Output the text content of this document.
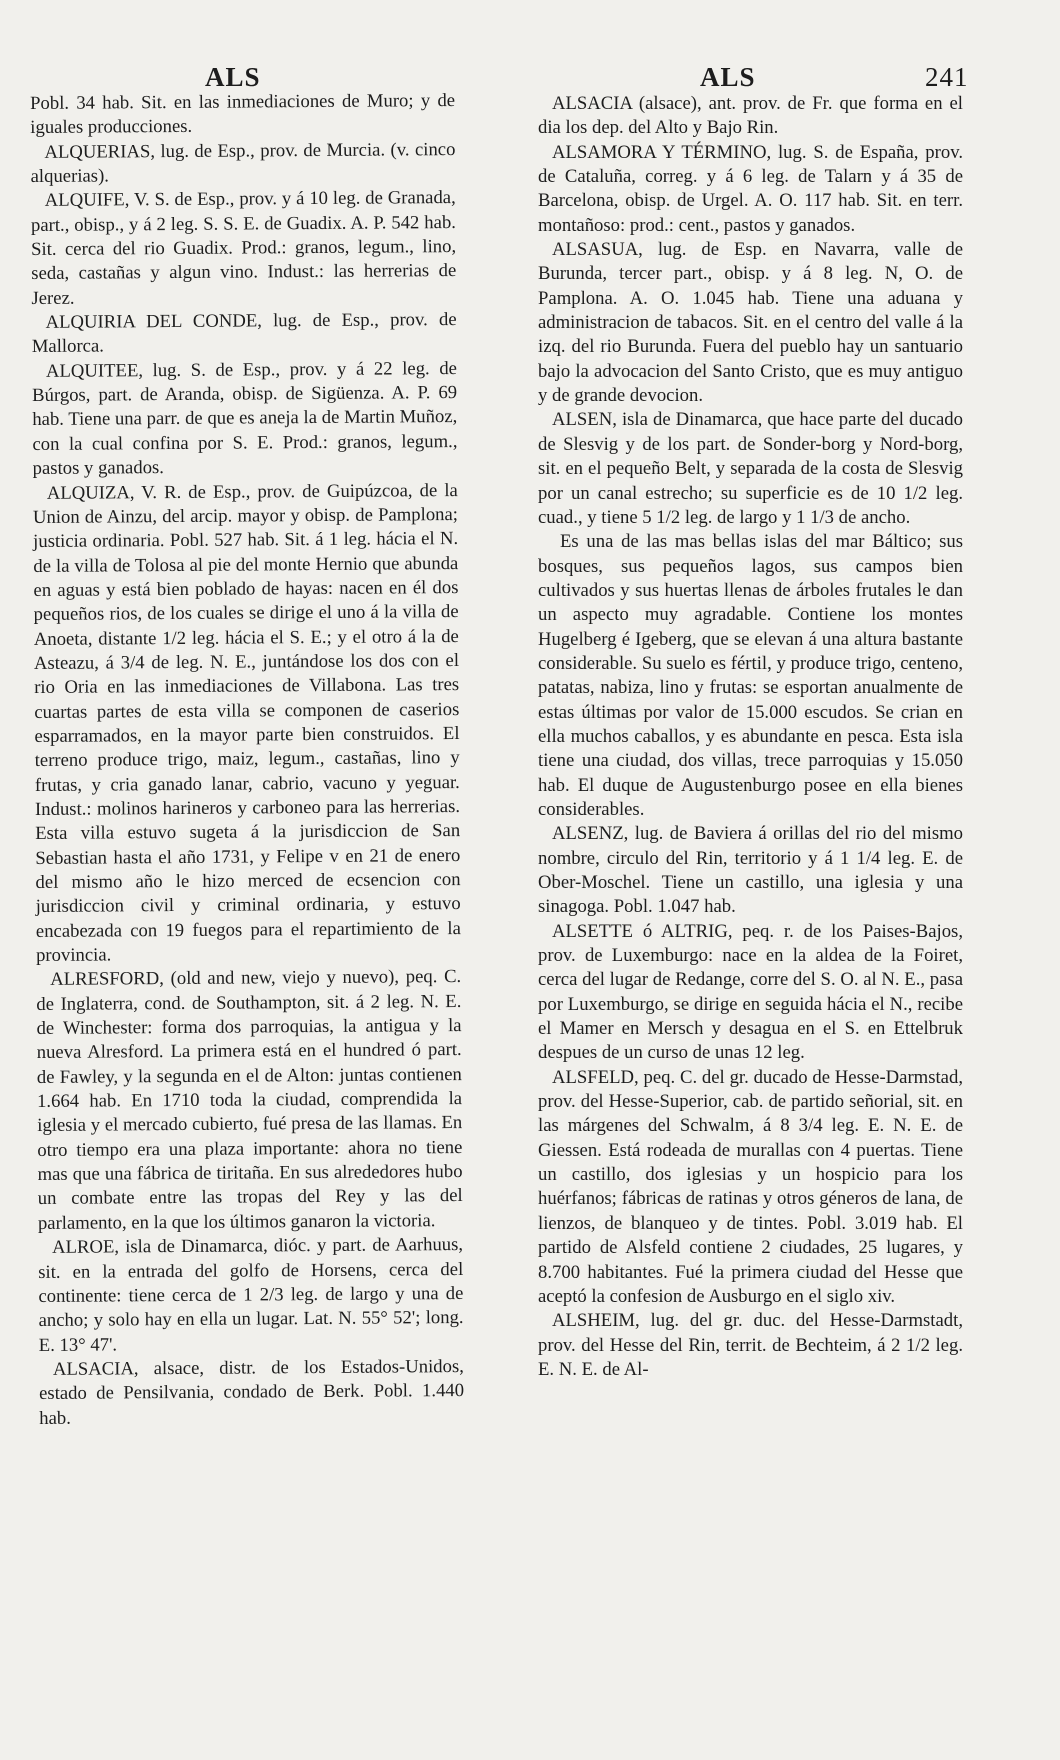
ALS	ALS	241

Pobl. 34 hab. Sit. en las inmediaciones de Muro; y de iguales producciones.

ALQUERIAS, lug. de Esp., prov. de Murcia. (v. cinco alquerias).

ALQUIFE, V. S. de Esp., prov. y á 10 leg. de Granada, part., obisp., y á 2 leg. S. S. E. de Guadix. A. P. 542 hab. Sit. cerca del rio Guadix. Prod.: granos, legum., lino, seda, castañas y algun vino. Indust.: las herrerias de Jerez.

ALQUIRIA DEL CONDE, lug. de Esp., prov. de Mallorca.

ALQUITEE, lug. S. de Esp., prov. y á 22 leg. de Búrgos, part. de Aranda, obisp. de Sigüenza. A. P. 69 hab. Tiene una parr. de que es aneja la de Martin Muñoz, con la cual confina por S. E. Prod.: granos, legum., pastos y ganados.

ALQUIZA, V. R. de Esp., prov. de Guipúzcoa, de la Union de Ainzu, del arcip. mayor y obisp. de Pamplona; justicia ordinaria. Pobl. 527 hab. Sit. á 1 leg. hácia el N. de la villa de Tolosa al pie del monte Hernio que abunda en aguas y está bien poblado de hayas: nacen en él dos pequeños rios, de los cuales se dirige el uno á la villa de Anoeta, distante 1/2 leg. hácia el S. E.; y el otro á la de Asteazu, á 3/4 de leg. N. E., juntándose los dos con el rio Oria en las inmediaciones de Villabona. Las tres cuartas partes de esta villa se componen de caserios esparramados, en la mayor parte bien construidos. El terreno produce trigo, maiz, legum., castañas, lino y frutas, y cria ganado lanar, cabrio, vacuno y yeguar. Indust.: molinos harineros y carboneo para las herrerias. Esta villa estuvo sugeta á la jurisdiccion de San Sebastian hasta el año 1731, y Felipe v en 21 de enero del mismo año le hizo merced de ecsencion con jurisdiccion civil y criminal ordinaria, y estuvo encabezada con 19 fuegos para el repartimiento de la provincia.

ALRESFORD, (old and new, viejo y nuevo), peq. C. de Inglaterra, cond. de Southampton, sit. á 2 leg. N. E. de Winchester: forma dos parroquias, la antigua y la nueva Alresford. La primera está en el hundred ó part. de Fawley, y la segunda en el de Alton: juntas contienen 1.664 hab. En 1710 toda la ciudad, comprendida la iglesia y el mercado cubierto, fué presa de las llamas. En otro tiempo era una plaza importante: ahora no tiene mas que una fábrica de tiritaña. En sus alrededores hubo un combate entre las tropas del Rey y las del parlamento, en la que los últimos ganaron la victoria.

ALROE, isla de Dinamarca, dióc. y part. de Aarhuus, sit. en la entrada del golfo de Horsens, cerca del continente: tiene cerca de 1 2/3 leg. de largo y una de ancho; y solo hay en ella un lugar. Lat. N. 55° 52'; long. E. 13° 47'.

ALSACIA, alsace, distr. de los Estados-Unidos, estado de Pensilvania, condado de Berk. Pobl. 1.440 hab.

ALSACIA (alsace), ant. prov. de Fr. que forma en el dia los dep. del Alto y Bajo Rin.

ALSAMORA Y TÉRMINO, lug. S. de España, prov. de Cataluña, correg. y á 6 leg. de Talarn y á 35 de Barcelona, obisp. de Urgel. A. O. 117 hab. Sit. en terr. montañoso: prod.: cent., pastos y ganados.

ALSASUA, lug. de Esp. en Navarra, valle de Burunda, tercer part., obisp. y á 8 leg. N, O. de Pamplona. A. O. 1.045 hab. Tiene una aduana y administracion de tabacos. Sit. en el centro del valle á la izq. del rio Burunda. Fuera del pueblo hay un santuario bajo la advocacion del Santo Cristo, que es muy antiguo y de grande devocion.

ALSEN, isla de Dinamarca, que hace parte del ducado de Slesvig y de los part. de Sonder-borg y Nord-borg, sit. en el pequeño Belt, y separada de la costa de Slesvig por un canal estrecho; su superficie es de 10 1/2 leg. cuad., y tiene 5 1/2 leg. de largo y 1 1/3 de ancho.

Es una de las mas bellas islas del mar Báltico; sus bosques, sus pequeños lagos, sus campos bien cultivados y sus huertas llenas de árboles frutales le dan un aspecto muy agradable. Contiene los montes Hugelberg é Igeberg, que se elevan á una altura bastante considerable. Su suelo es fértil, y produce trigo, centeno, patatas, nabiza, lino y frutas: se esportan anualmente de estas últimas por valor de 15.000 escudos. Se crian en ella muchos caballos, y es abundante en pesca. Esta isla tiene una ciudad, dos villas, trece parroquias y 15.050 hab. El duque de Augustenburgo posee en ella bienes considerables.

ALSENZ, lug. de Baviera á orillas del rio del mismo nombre, circulo del Rin, territorio y á 1 1/4 leg. E. de Ober-Moschel. Tiene un castillo, una iglesia y una sinagoga. Pobl. 1.047 hab.

ALSETTE ó ALTRIG, peq. r. de los Paises-Bajos, prov. de Luxemburgo: nace en la aldea de la Foiret, cerca del lugar de Redange, corre del S. O. al N. E., pasa por Luxemburgo, se dirige en seguida hácia el N., recibe el Mamer en Mersch y desagua en el S. en Ettelbruk despues de un curso de unas 12 leg.

ALSFELD, peq. C. del gr. ducado de Hesse-Darmstad, prov. del Hesse-Superior, cab. de partido señorial, sit. en las márgenes del Schwalm, á 8 3/4 leg. E. N. E. de Giessen. Está rodeada de murallas con 4 puertas. Tiene un castillo, dos iglesias y un hospicio para los huérfanos; fábricas de ratinas y otros géneros de lana, de lienzos, de blanqueo y de tintes. Pobl. 3.019 hab. El partido de Alsfeld contiene 2 ciudades, 25 lugares, y 8.700 habitantes. Fué la primera ciudad del Hesse que aceptó la confesion de Ausburgo en el siglo xiv.

ALSHEIM, lug. del gr. duc. del Hesse-Darmstadt, prov. del Hesse del Rin, territ. de Bechteim, á 2 1/2 leg. E. N. E. de Al-
